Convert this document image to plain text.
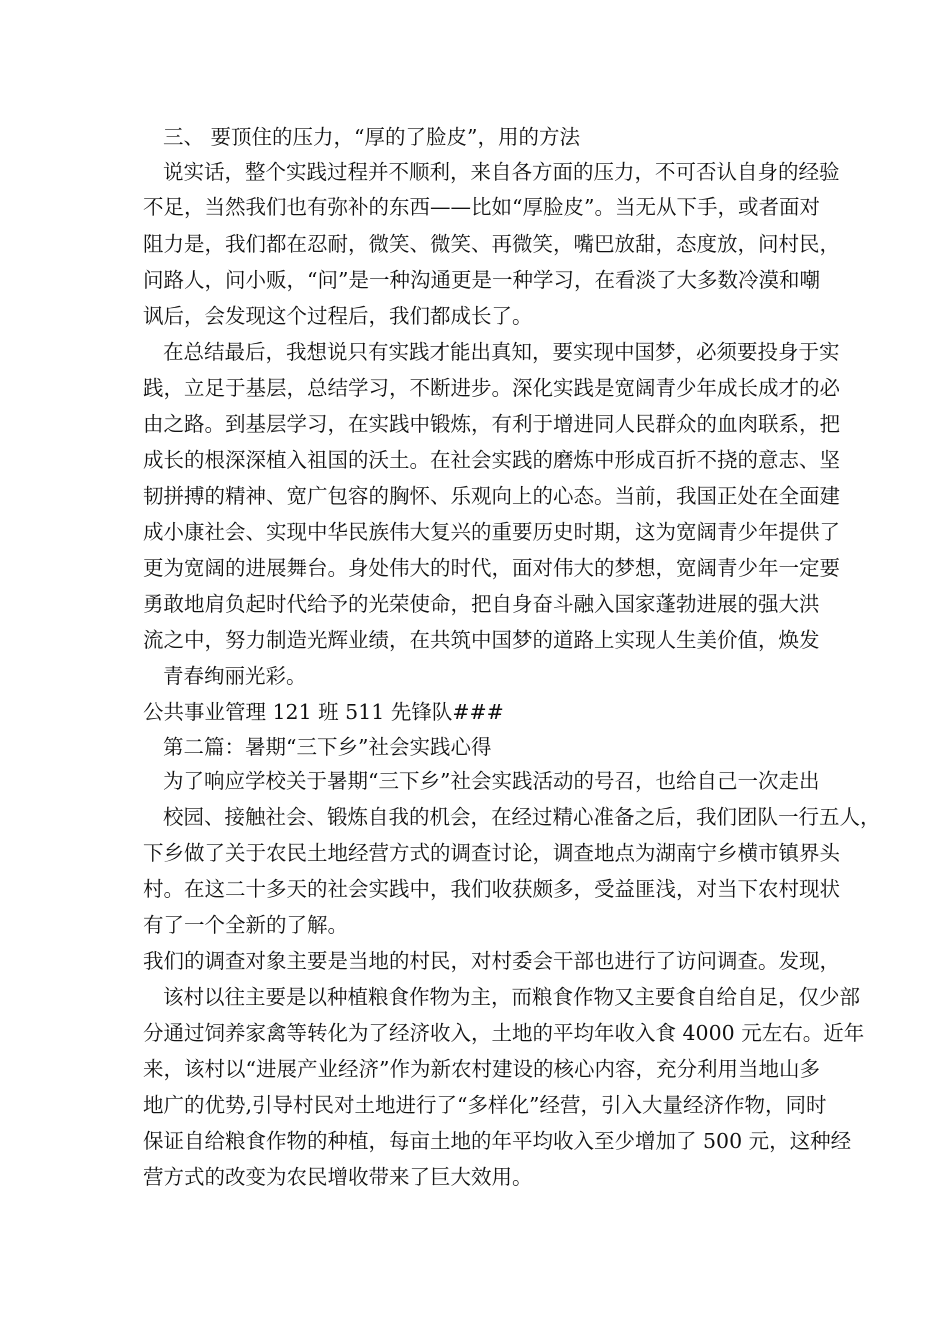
三、 要顶住的压力，“厚的了脸皮”，用的方法
说实话，整个实践过程并不顺利，来自各方面的压力，不可否认自身的经验
不足，当然我们也有弥补的东西——比如“厚脸皮”。当无从下手，或者面对
阻力是，我们都在忍耐，微笑、微笑、再微笑，嘴巴放甜，态度放，问村民，
问路人，问小贩，“问”是一种沟通更是一种学习，在看淡了大多数冷漠和嘲
讽后，会发现这个过程后，我们都成长了。
在总结最后，我想说只有实践才能出真知，要实现中国梦，必须要投身于实
践，立足于基层，总结学习，不断进步。深化实践是宽阔青少年成长成才的必
由之路。到基层学习，在实践中锻炼，有利于增进同人民群众的血肉联系，把
成长的根深深植入祖国的沃土。在社会实践的磨炼中形成百折不挠的意志、坚
韧拼搏的精神、宽广包容的胸怀、乐观向上的心态。当前，我国正处在全面建
成小康社会、实现中华民族伟大复兴的重要历史时期，这为宽阔青少年提供了
更为宽阔的进展舞台。身处伟大的时代，面对伟大的梦想，宽阔青少年一定要
勇敢地肩负起时代给予的光荣使命，把自身奋斗融入国家蓬勃进展的强大洪
流之中，努力制造光辉业绩，在共筑中国梦的道路上实现人生美价值，焕发
青春绚丽光彩。
公共事业管理 121 班 511 先锋队###
第二篇：暑期“三下乡”社会实践心得
为了响应学校关于暑期“三下乡”社会实践活动的号召，也给自己一次走出
校园、接触社会、锻炼自我的机会，在经过精心准备之后，我们团队一行五人，
下乡做了关于农民土地经营方式的调查讨论，调查地点为湖南宁乡横市镇界头
村。在这二十多天的社会实践中，我们收获颇多，受益匪浅，对当下农村现状
有了一个全新的了解。
我们的调查对象主要是当地的村民，对村委会干部也进行了访问调查。发现，
该村以往主要是以种植粮食作物为主，而粮食作物又主要食自给自足，仅少部
分通过饲养家禽等转化为了经济收入，土地的平均年收入食 4000 元左右。近年
来，该村以“进展产业经济”作为新农村建设的核心内容，充分利用当地山多
地广的优势,引导村民对土地进行了“多样化”经营，引入大量经济作物，同时
保证自给粮食作物的种植，每亩土地的年平均收入至少增加了 500 元，这种经
营方式的改变为农民增收带来了巨大效用。
